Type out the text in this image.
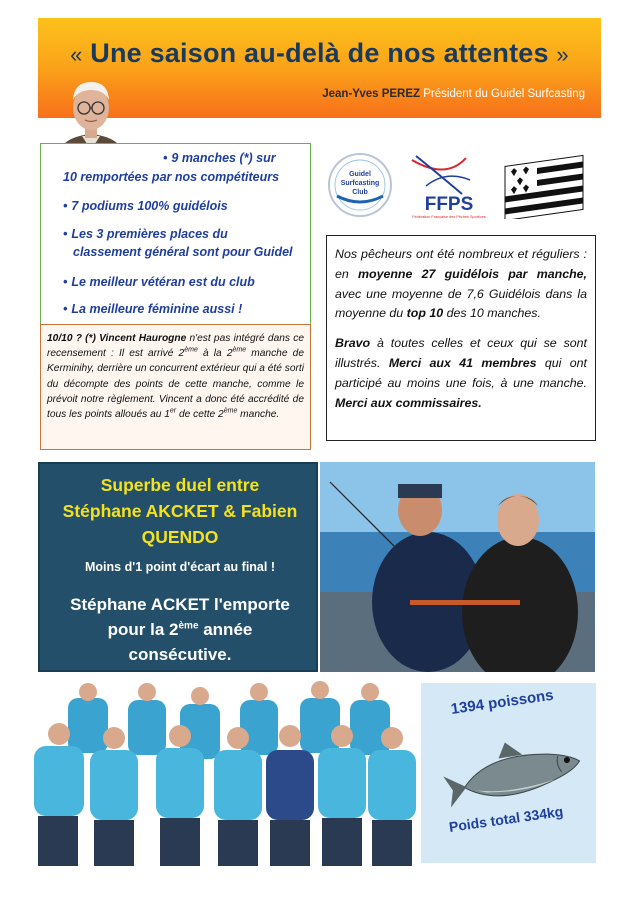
« Une saison au-delà de nos attentes »
Jean-Yves PEREZ Président du Guidel Surfcasting
• 9 manches (*) sur
10 remportées par nos compétiteurs
• 7 podiums 100% guidélois
• Les 3 premières places du
classement général sont pour Guidel
• Le meilleur vétéran est du club
• La meilleure féminine aussi !
10/10 ? (*) Vincent Haurogne n'est pas intégré dans ce recensement : Il est arrivé 2ème à la 2ème manche de Kerminihy, derrière un concurrent extérieur qui a été sorti du décompte des points de cette manche, comme le prévoit notre règlement. Vincent a donc été accrédité de tous les points alloués au 1er de cette 2ème manche.
Guidel
Surfcasting
Club
FFPS
Fédération Française des Pêches Sportives

Nos pêcheurs ont été nombreux et réguliers : en moyenne 27 guidélois par manche, avec une moyenne de 7,6 Guidélois dans la moyenne du top 10 des 10 manches.

Bravo à toutes celles et ceux qui se sont illustrés. Merci aux 41 membres qui ont participé au moins une fois, à une manche. Merci aux commissaires.

Superbe duel entre
Stéphane AKCKET & Fabien
QUENDO
Moins d'1 point d'écart au final !
Stéphane ACKET l'emporte
pour la 2ème année
consécutive.
1394 poissons
Poids total 334kg
